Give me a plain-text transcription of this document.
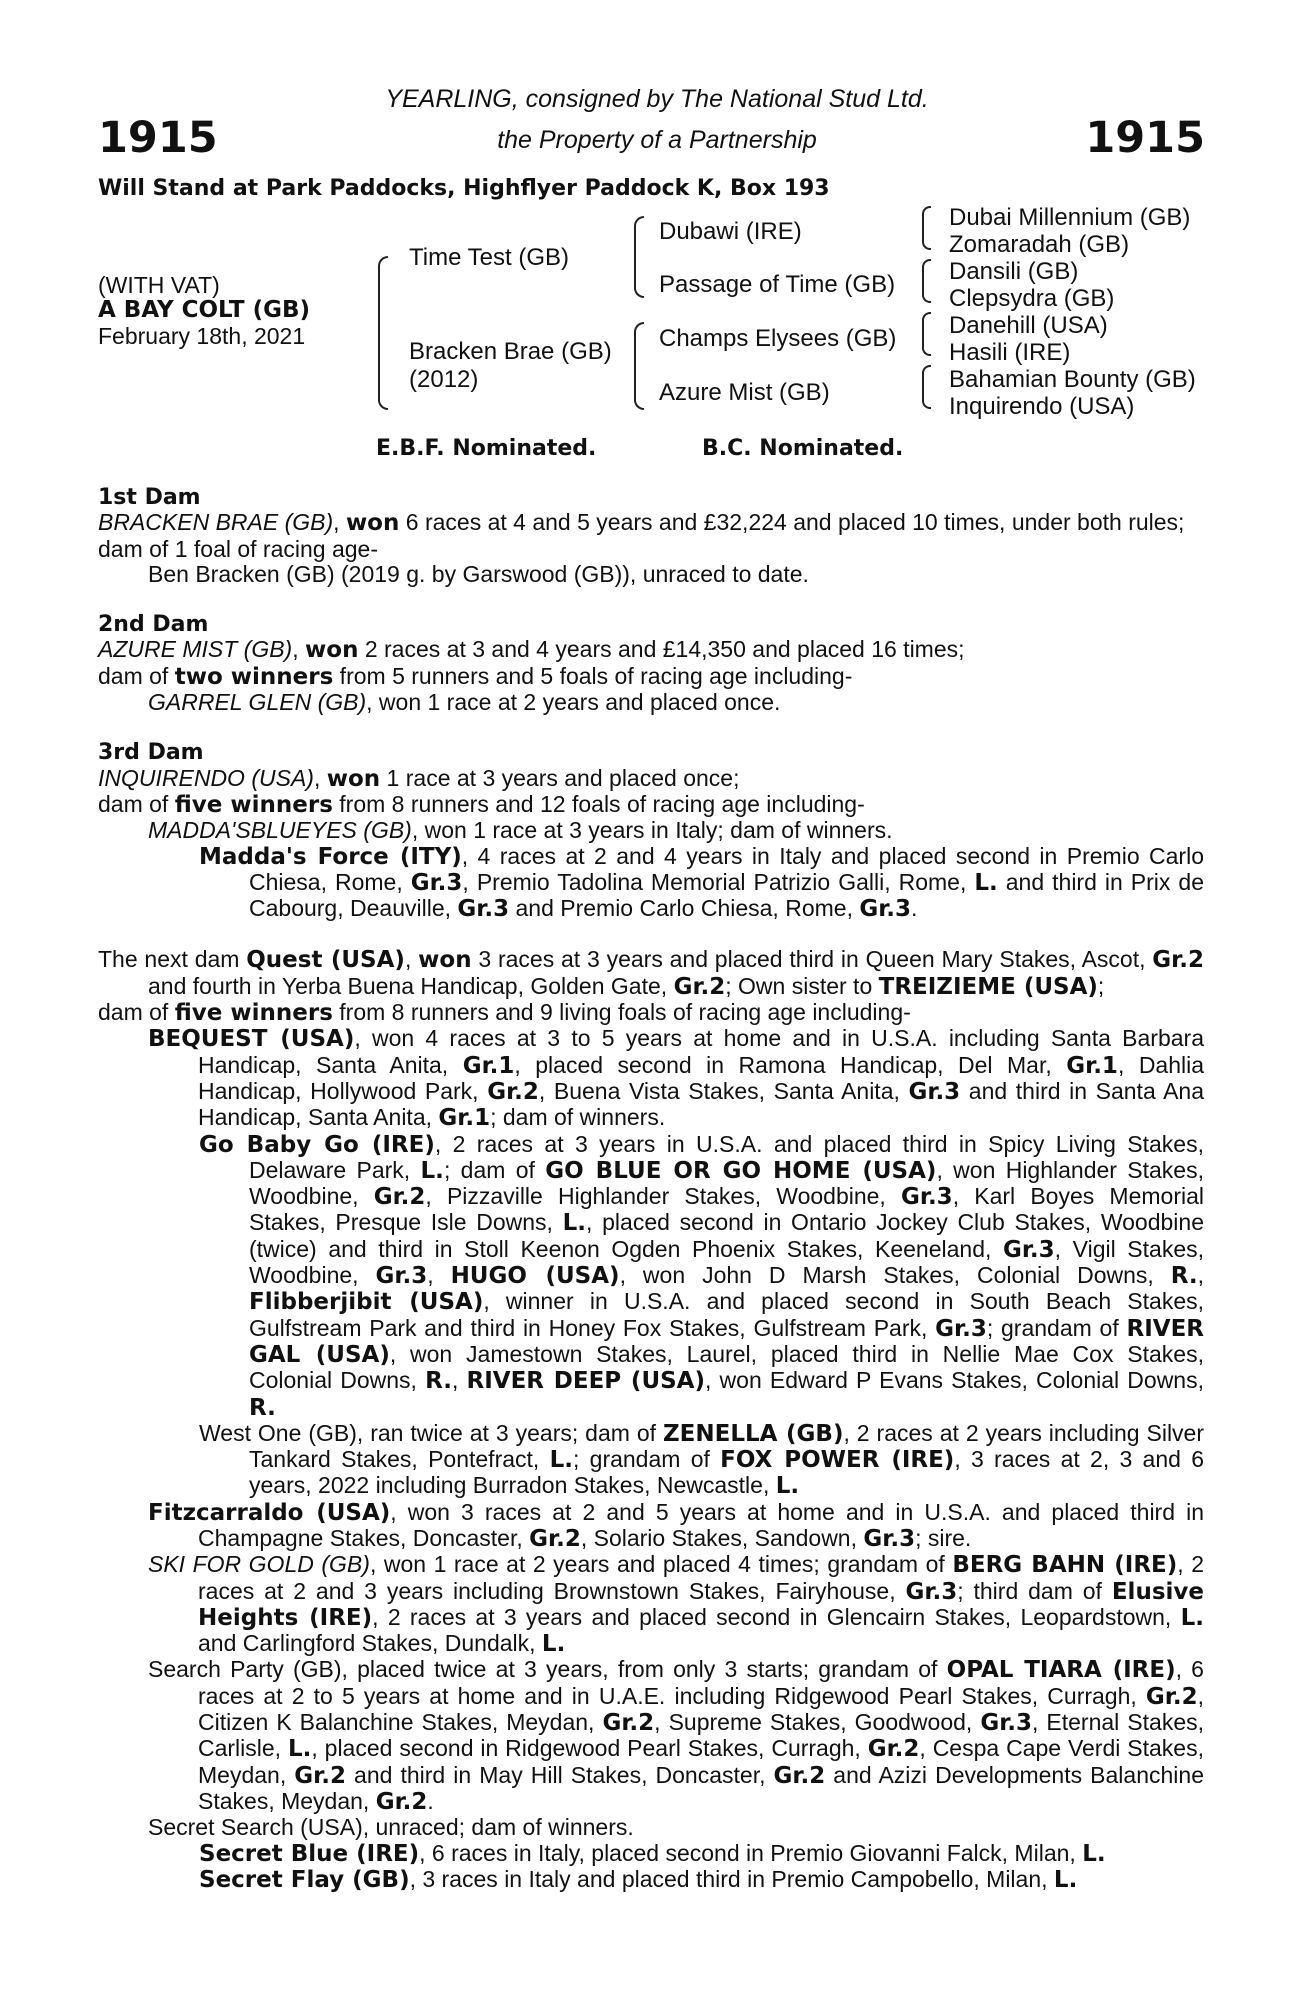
1915	1915
YEARLING, consigned by The National Stud Ltd.
the Property of a Partnership
Will Stand at Park Paddocks, Highflyer Paddock K, Box 193
(WITH VAT)
A BAY COLT (GB)
February 18th, 2021
Time Test (GB)
Bracken Brae (GB)
(2012)
Dubawi (IRE)
Passage of Time (GB)
Champs Elysees (GB)
Azure Mist (GB)
Dubai Millennium (GB)
Zomaradah (GB)
Dansili (GB)
Clepsydra (GB)
Danehill (USA)
Hasili (IRE)
Bahamian Bounty (GB)
Inquirendo (USA)
E.B.F. Nominated.	B.C. Nominated.

1st Dam

BRACKEN BRAE (GB), won 6 races at 4 and 5 years and £32,224 and placed 10 times, under both rules;

dam of 1 foal of racing age-

Ben Bracken (GB) (2019 g. by Garswood (GB)), unraced to date.

2nd Dam

AZURE MIST (GB), won 2 races at 3 and 4 years and £14,350 and placed 16 times;

dam of two winners from 5 runners and 5 foals of racing age including-

GARREL GLEN (GB), won 1 race at 2 years and placed once.

3rd Dam

INQUIRENDO (USA), won 1 race at 3 years and placed once;

dam of five winners from 8 runners and 12 foals of racing age including-

MADDA'SBLUEYES (GB), won 1 race at 3 years in Italy; dam of winners.

Madda's Force (ITY), 4 races at 2 and 4 years in Italy and placed second in Premio Carlo Chiesa, Rome, Gr.3, Premio Tadolina Memorial Patrizio Galli, Rome, L. and third in Prix de Cabourg, Deauville, Gr.3 and Premio Carlo Chiesa, Rome, Gr.3.

The next dam Quest (USA), won 3 races at 3 years and placed third in Queen Mary Stakes, Ascot, Gr.2 and fourth in Yerba Buena Handicap, Golden Gate, Gr.2; Own sister to TREIZIEME (USA);

dam of five winners from 8 runners and 9 living foals of racing age including-

BEQUEST (USA), won 4 races at 3 to 5 years at home and in U.S.A. including Santa Barbara Handicap, Santa Anita, Gr.1, placed second in Ramona Handicap, Del Mar, Gr.1, Dahlia Handicap, Hollywood Park, Gr.2, Buena Vista Stakes, Santa Anita, Gr.3 and third in Santa Ana Handicap, Santa Anita, Gr.1; dam of winners.

Go Baby Go (IRE), 2 races at 3 years in U.S.A. and placed third in Spicy Living Stakes, Delaware Park, L.; dam of GO BLUE OR GO HOME (USA), won Highlander Stakes, Woodbine, Gr.2, Pizzaville Highlander Stakes, Woodbine, Gr.3, Karl Boyes Memorial Stakes, Presque Isle Downs, L., placed second in Ontario Jockey Club Stakes, Woodbine (twice) and third in Stoll Keenon Ogden Phoenix Stakes, Keeneland, Gr.3, Vigil Stakes, Woodbine, Gr.3, HUGO (USA), won John D Marsh Stakes, Colonial Downs, R., Flibberjibit (USA), winner in U.S.A. and placed second in South Beach Stakes, Gulfstream Park and third in Honey Fox Stakes, Gulfstream Park, Gr.3; grandam of RIVER GAL (USA), won Jamestown Stakes, Laurel, placed third in Nellie Mae Cox Stakes, Colonial Downs, R., RIVER DEEP (USA), won Edward P Evans Stakes, Colonial Downs, R.

West One (GB), ran twice at 3 years; dam of ZENELLA (GB), 2 races at 2 years including Silver Tankard Stakes, Pontefract, L.; grandam of FOX POWER (IRE), 3 races at 2, 3 and 6 years, 2022 including Burradon Stakes, Newcastle, L.

Fitzcarraldo (USA), won 3 races at 2 and 5 years at home and in U.S.A. and placed third in Champagne Stakes, Doncaster, Gr.2, Solario Stakes, Sandown, Gr.3; sire.

SKI FOR GOLD (GB), won 1 race at 2 years and placed 4 times; grandam of BERG BAHN (IRE), 2 races at 2 and 3 years including Brownstown Stakes, Fairyhouse, Gr.3; third dam of Elusive Heights (IRE), 2 races at 3 years and placed second in Glencairn Stakes, Leopardstown, L. and Carlingford Stakes, Dundalk, L.

Search Party (GB), placed twice at 3 years, from only 3 starts; grandam of OPAL TIARA (IRE), 6 races at 2 to 5 years at home and in U.A.E. including Ridgewood Pearl Stakes, Curragh, Gr.2, Citizen K Balanchine Stakes, Meydan, Gr.2, Supreme Stakes, Goodwood, Gr.3, Eternal Stakes, Carlisle, L., placed second in Ridgewood Pearl Stakes, Curragh, Gr.2, Cespa Cape Verdi Stakes, Meydan, Gr.2 and third in May Hill Stakes, Doncaster, Gr.2 and Azizi Developments Balanchine Stakes, Meydan, Gr.2.

Secret Search (USA), unraced; dam of winners.

Secret Blue (IRE), 6 races in Italy, placed second in Premio Giovanni Falck, Milan, L.

Secret Flay (GB), 3 races in Italy and placed third in Premio Campobello, Milan, L.
